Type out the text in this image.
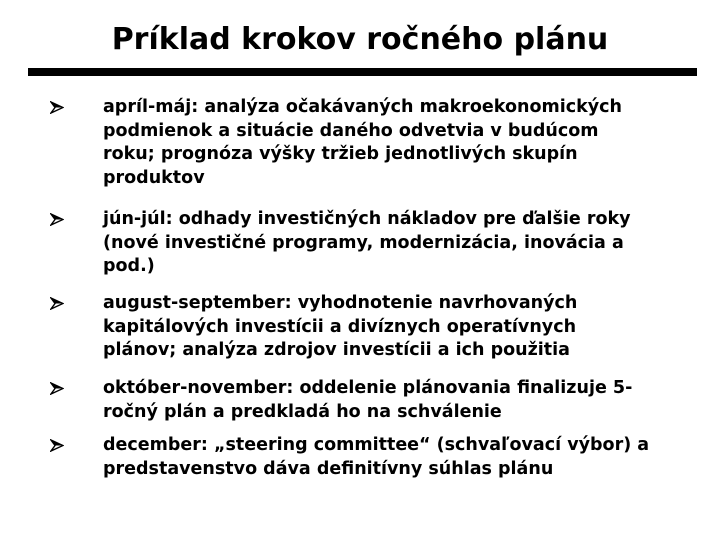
Príklad krokov ročného plánu
apríl-máj: analýza očakávaných makroekonomických
podmienok a situácie daného odvetvia v budúcom
roku; prognóza výšky tržieb jednotlivých skupín
produktov
jún-júl: odhady investičných nákladov pre ďalšie roky
(nové investičné programy, modernizácia, inovácia a
pod.)
august-september: vyhodnotenie navrhovaných
kapitálových investícii a divíznych operatívnych
plánov; analýza zdrojov investícii a ich použitia
október-november: oddelenie plánovania finalizuje 5-
ročný plán a predkladá ho na schválenie
december: „steering committee“ (schvaľovací výbor) a
predstavenstvo dáva definitívny súhlas plánu
